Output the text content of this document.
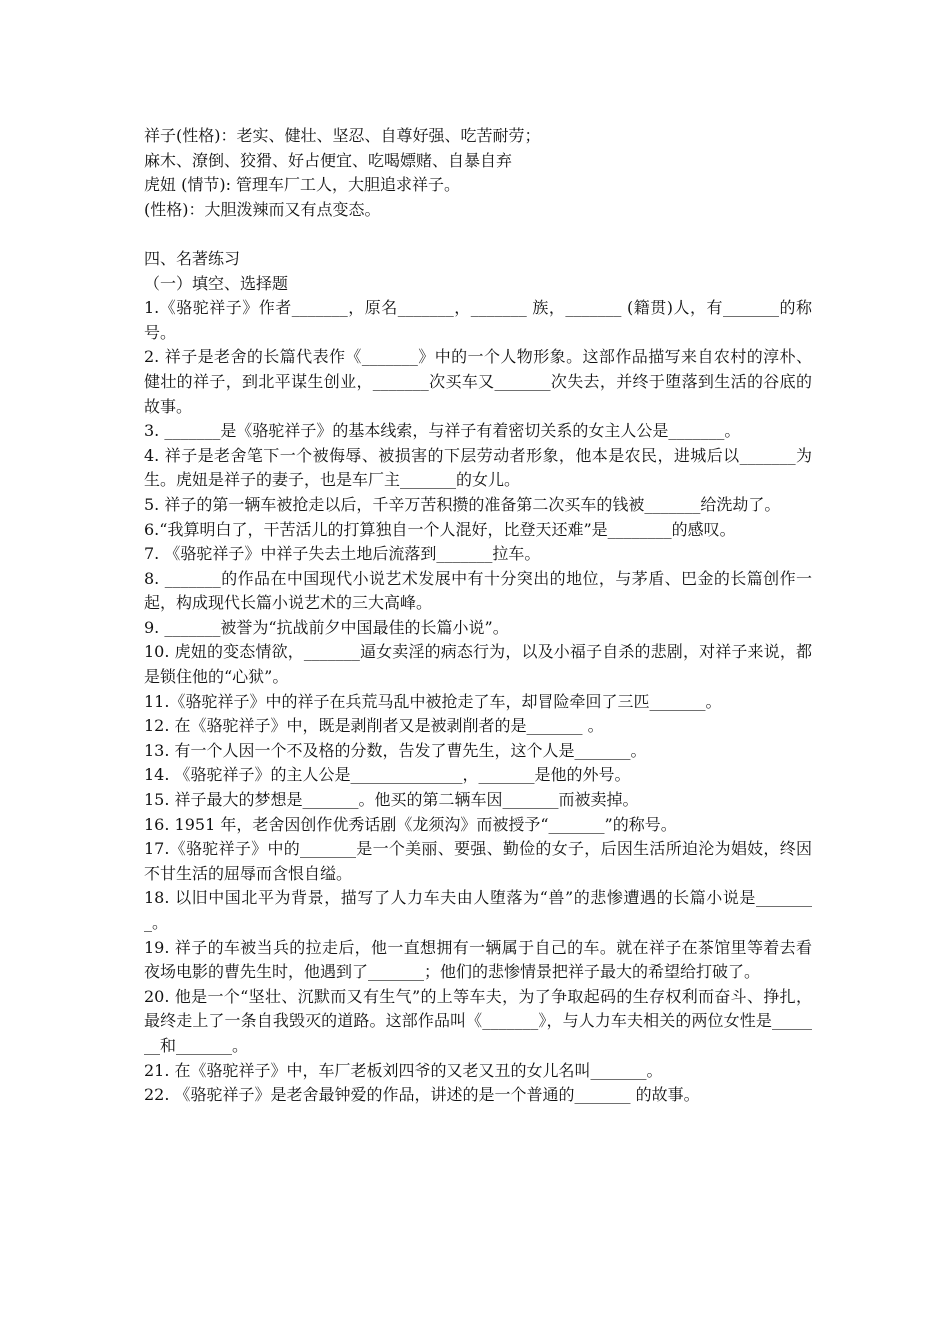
祥子(性格)：老实、健壮、坚忍、自尊好强、吃苦耐劳；

麻木、潦倒、狡猾、好占便宜、吃喝嫖赌、自暴自弃

虎妞 (情节): 管理车厂工人，大胆追求祥子。

(性格)：大胆泼辣而又有点变态。

四、名著练习

（一）填空、选择题

1.《骆驼祥子》作者_______，原名_______，_______ 族，_______ (籍贯)人，有_______的称号。

2. 祥子是老舍的长篇代表作《_______》中的一个人物形象。这部作品描写来自农村的淳朴、健壮的祥子，到北平谋生创业，_______次买车又_______次失去，并终于堕落到生活的谷底的故事。

3. _______是《骆驼祥子》的基本线索，与祥子有着密切关系的女主人公是_______。

4. 祥子是老舍笔下一个被侮辱、被损害的下层劳动者形象，他本是农民，进城后以_______为生。虎妞是祥子的妻子，也是车厂主_______的女儿。

5. 祥子的第一辆车被抢走以后，千辛万苦积攒的准备第二次买车的钱被_______给洗劫了。

6.“我算明白了，干苦活儿的打算独自一个人混好，比登天还难”是________的感叹。

7. 《骆驼祥子》中祥子失去土地后流落到_______拉车。

8. _______的作品在中国现代小说艺术发展中有十分突出的地位，与茅盾、巴金的长篇创作一起，构成现代长篇小说艺术的三大高峰。

9. _______被誉为“抗战前夕中国最佳的长篇小说”。

10. 虎妞的变态情欲，_______逼女卖淫的病态行为，以及小福子自杀的悲剧，对祥子来说，都是锁住他的“心狱”。

11.《骆驼祥子》中的祥子在兵荒马乱中被抢走了车，却冒险牵回了三匹_______。

12. 在《骆驼祥子》中，既是剥削者又是被剥削者的是_______ 。

13. 有一个人因一个不及格的分数，告发了曹先生，这个人是_______。

14. 《骆驼祥子》的主人公是______________，_______是他的外号。

15. 祥子最大的梦想是_______。他买的第二辆车因_______而被卖掉。

16. 1951 年，老舍因创作优秀话剧《龙须沟》而被授予“_______”的称号。

17.《骆驼祥子》中的_______是一个美丽、要强、勤俭的女子，后因生活所迫沦为娼妓，终因不甘生活的屈辱而含恨自缢。

18. 以旧中国北平为背景，描写了人力车夫由人堕落为“兽”的悲惨遭遇的长篇小说是________。

19. 祥子的车被当兵的拉走后，他一直想拥有一辆属于自己的车。就在祥子在茶馆里等着去看夜场电影的曹先生时，他遇到了_______；他们的悲惨情景把祥子最大的希望给打破了。

20. 他是一个“坚壮、沉默而又有生气”的上等车夫，为了争取起码的生存权利而奋斗、挣扎，最终走上了一条自我毁灭的道路。这部作品叫《_______》，与人力车夫相关的两位女性是_______和_______。

21. 在《骆驼祥子》中，车厂老板刘四爷的又老又丑的女儿名叫_______。

22. 《骆驼祥子》是老舍最钟爱的作品，讲述的是一个普通的_______ 的故事。
